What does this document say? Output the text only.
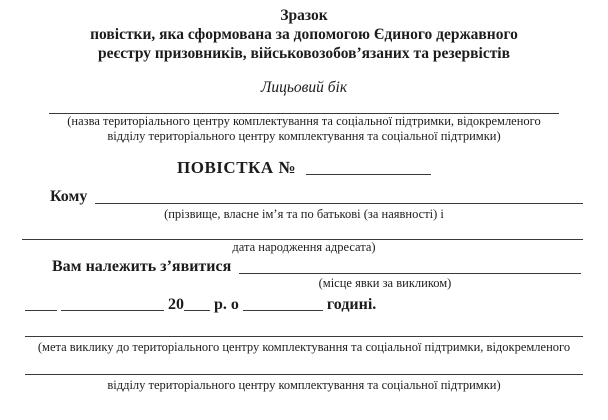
Зразок
повістки, яка сформована за допомогою Єдиного державного
реєстру призовників, військовозобов’язаних та резервістів
Лицьовий бік
(назва територіального центру комплектування та соціальної підтримки, відокремленого
відділу територіального центру комплектування та соціальної підтримки)
ПОВІСТКА №
Кому
(прізвище, власне ім’я та по батькові (за наявності) і
дата народження адресата)
Вам належить з’явитися
(місце явки за викликом)
20 р. о	годині.
(мета виклику до територіального центру комплектування та соціальної підтримки, відокремленого
відділу територіального центру комплектування та соціальної підтримки)
